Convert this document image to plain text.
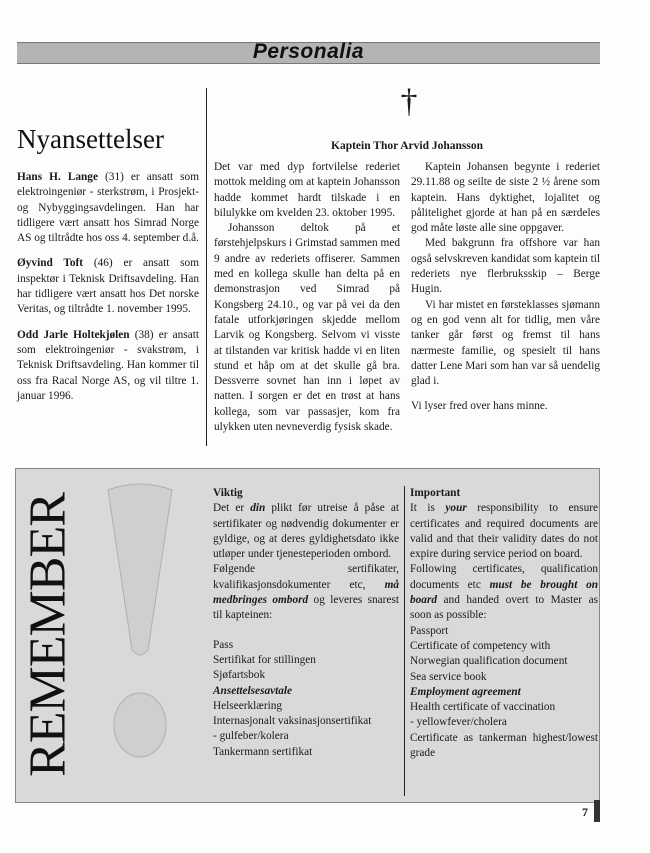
Personalia
Nyansettelser

Hans H. Lange (31) er ansatt som elektroingeniør - sterkstrøm, i Prosjekt- og Nybyggingsavdelingen. Han har tidligere vært ansatt hos Simrad Norge AS og tiltrådte hos oss 4. september d.å.

Øyvind Toft (46) er ansatt som inspektør i Teknisk Driftsavdeling. Han har tidligere vært ansatt hos Det norske Veritas, og tiltrådte 1. november 1995.

Odd Jarle Holtekjølen (38) er ansatt som elektroingeniør - svakstrøm, i Teknisk Driftsavdeling. Han kommer til oss fra Racal Norge AS, og vil tiltre 1. januar 1996.

†
Kaptein Thor Arvid Johansson

Det var med dyp fortvilelse rederiet mottok melding om at kaptein Johansson hadde kommet hardt tilskade i en bilulykke om kvelden 23. oktober 1995.

Johansson deltok på et førstehjelpskurs i Grimstad sammen med 9 andre av rederiets offiserer. Sammen med en kollega skulle han delta på en demonstrasjon ved Simrad på Kongsberg 24.10., og var på vei da den fatale utforkjøringen skjedde mellom Larvik og Kongsberg. Selvom vi visste at tilstanden var kritisk hadde vi en liten stund et håp om at det skulle gå bra. Dessverre sovnet han inn i løpet av natten. I sorgen er det en trøst at hans kollega, som var passasjer, kom fra ulykken uten nevneverdig fysisk skade.

Kaptein Johansen begynte i rederiet 29.11.88 og seilte de siste 2 ½ årene som kaptein. Hans dyktighet, lojalitet og pålitelighet gjorde at han på en særdeles god måte løste alle sine oppgaver.

Med bakgrunn fra offshore var han også selvskreven kandidat som kaptein til rederiets nye flerbruksskip – Berge Hugin.

Vi har mistet en førsteklasses sjømann og en god venn alt for tidlig, men våre tanker går først og fremst til hans nærmeste familie, og spesielt til hans datter Lene Mari som han var så uendelig glad i.

Vi lyser fred over hans minne.

REMEMBER

Viktig

Det er din plikt før utreise å påse at sertifikater og nødvendig dokumenter er gyldige, og at deres gyldighetsdato ikke utløper under tjenesteperioden ombord.

Følgende sertifikater, kvalifikasjonsdokumenter etc, må medbringes ombord og leveres snarest til kapteinen:

Pass
Sertifikat for stillingen
Sjøfartsbok
Ansettelsesavtale
Helseerklæring
Internasjonalt vaksinasjonsertifikat
- gulfeber/kolera
Tankermann sertifikat

Important

It is your responsibility to ensure certificates and required documents are valid and that their validity dates do not expire during service period on board.

Following certificates, qualification documents etc must be brought on board and handed overt to Master as soon as possible:

Passport
Certificate of competency with
Norwegian qualification document
Sea service book
Employment agreement
Health certificate of vaccination
- yellowfever/cholera
Certificate as tankerman highest/lowest grade
7
